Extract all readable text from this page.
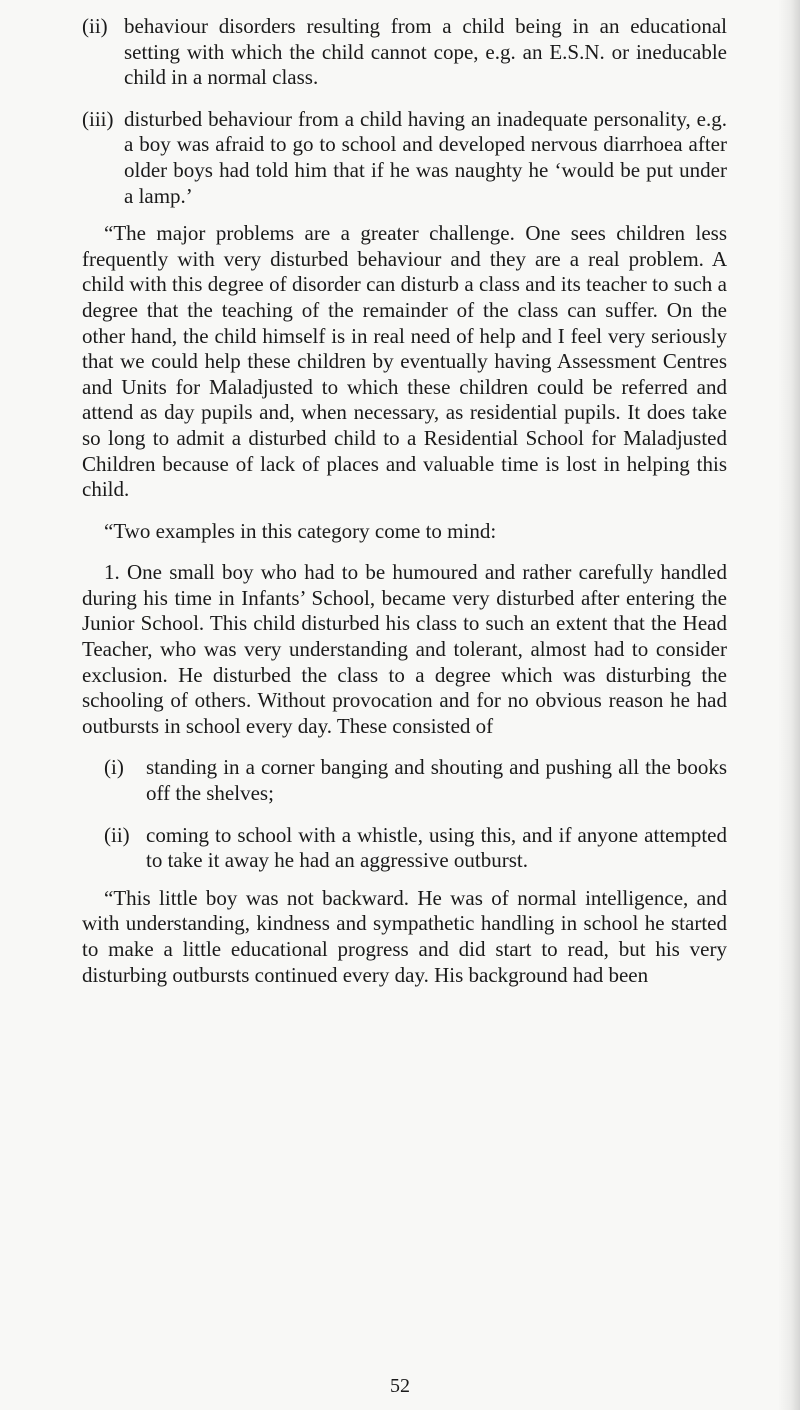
(ii) behaviour disorders resulting from a child being in an educational setting with which the child cannot cope, e.g. an E.S.N. or ineducable child in a normal class.

(iii) disturbed behaviour from a child having an inadequate personality, e.g. a boy was afraid to go to school and developed nervous diarrhoea after older boys had told him that if he was naughty he ‘would be put under a lamp.’

“The major problems are a greater challenge. One sees children less frequently with very disturbed behaviour and they are a real problem. A child with this degree of disorder can disturb a class and its teacher to such a degree that the teaching of the remainder of the class can suffer. On the other hand, the child himself is in real need of help and I feel very seriously that we could help these children by eventually having Assessment Centres and Units for Maladjusted to which these children could be referred and attend as day pupils and, when necessary, as residential pupils. It does take so long to admit a disturbed child to a Residential School for Maladjusted Children because of lack of places and valuable time is lost in helping this child.

“Two examples in this category come to mind:

1. One small boy who had to be humoured and rather carefully handled during his time in Infants’ School, became very disturbed after entering the Junior School. This child disturbed his class to such an extent that the Head Teacher, who was very understanding and tolerant, almost had to consider exclusion. He disturbed the class to a degree which was disturbing the schooling of others. Without provocation and for no obvious reason he had outbursts in school every day. These consisted of

(i) standing in a corner banging and shouting and pushing all the books off the shelves;

(ii) coming to school with a whistle, using this, and if anyone attempted to take it away he had an aggressive outburst.

“This little boy was not backward. He was of normal intelligence, and with understanding, kindness and sympathetic handling in school he started to make a little educational progress and did start to read, but his very disturbing outbursts continued every day. His background had been

52
